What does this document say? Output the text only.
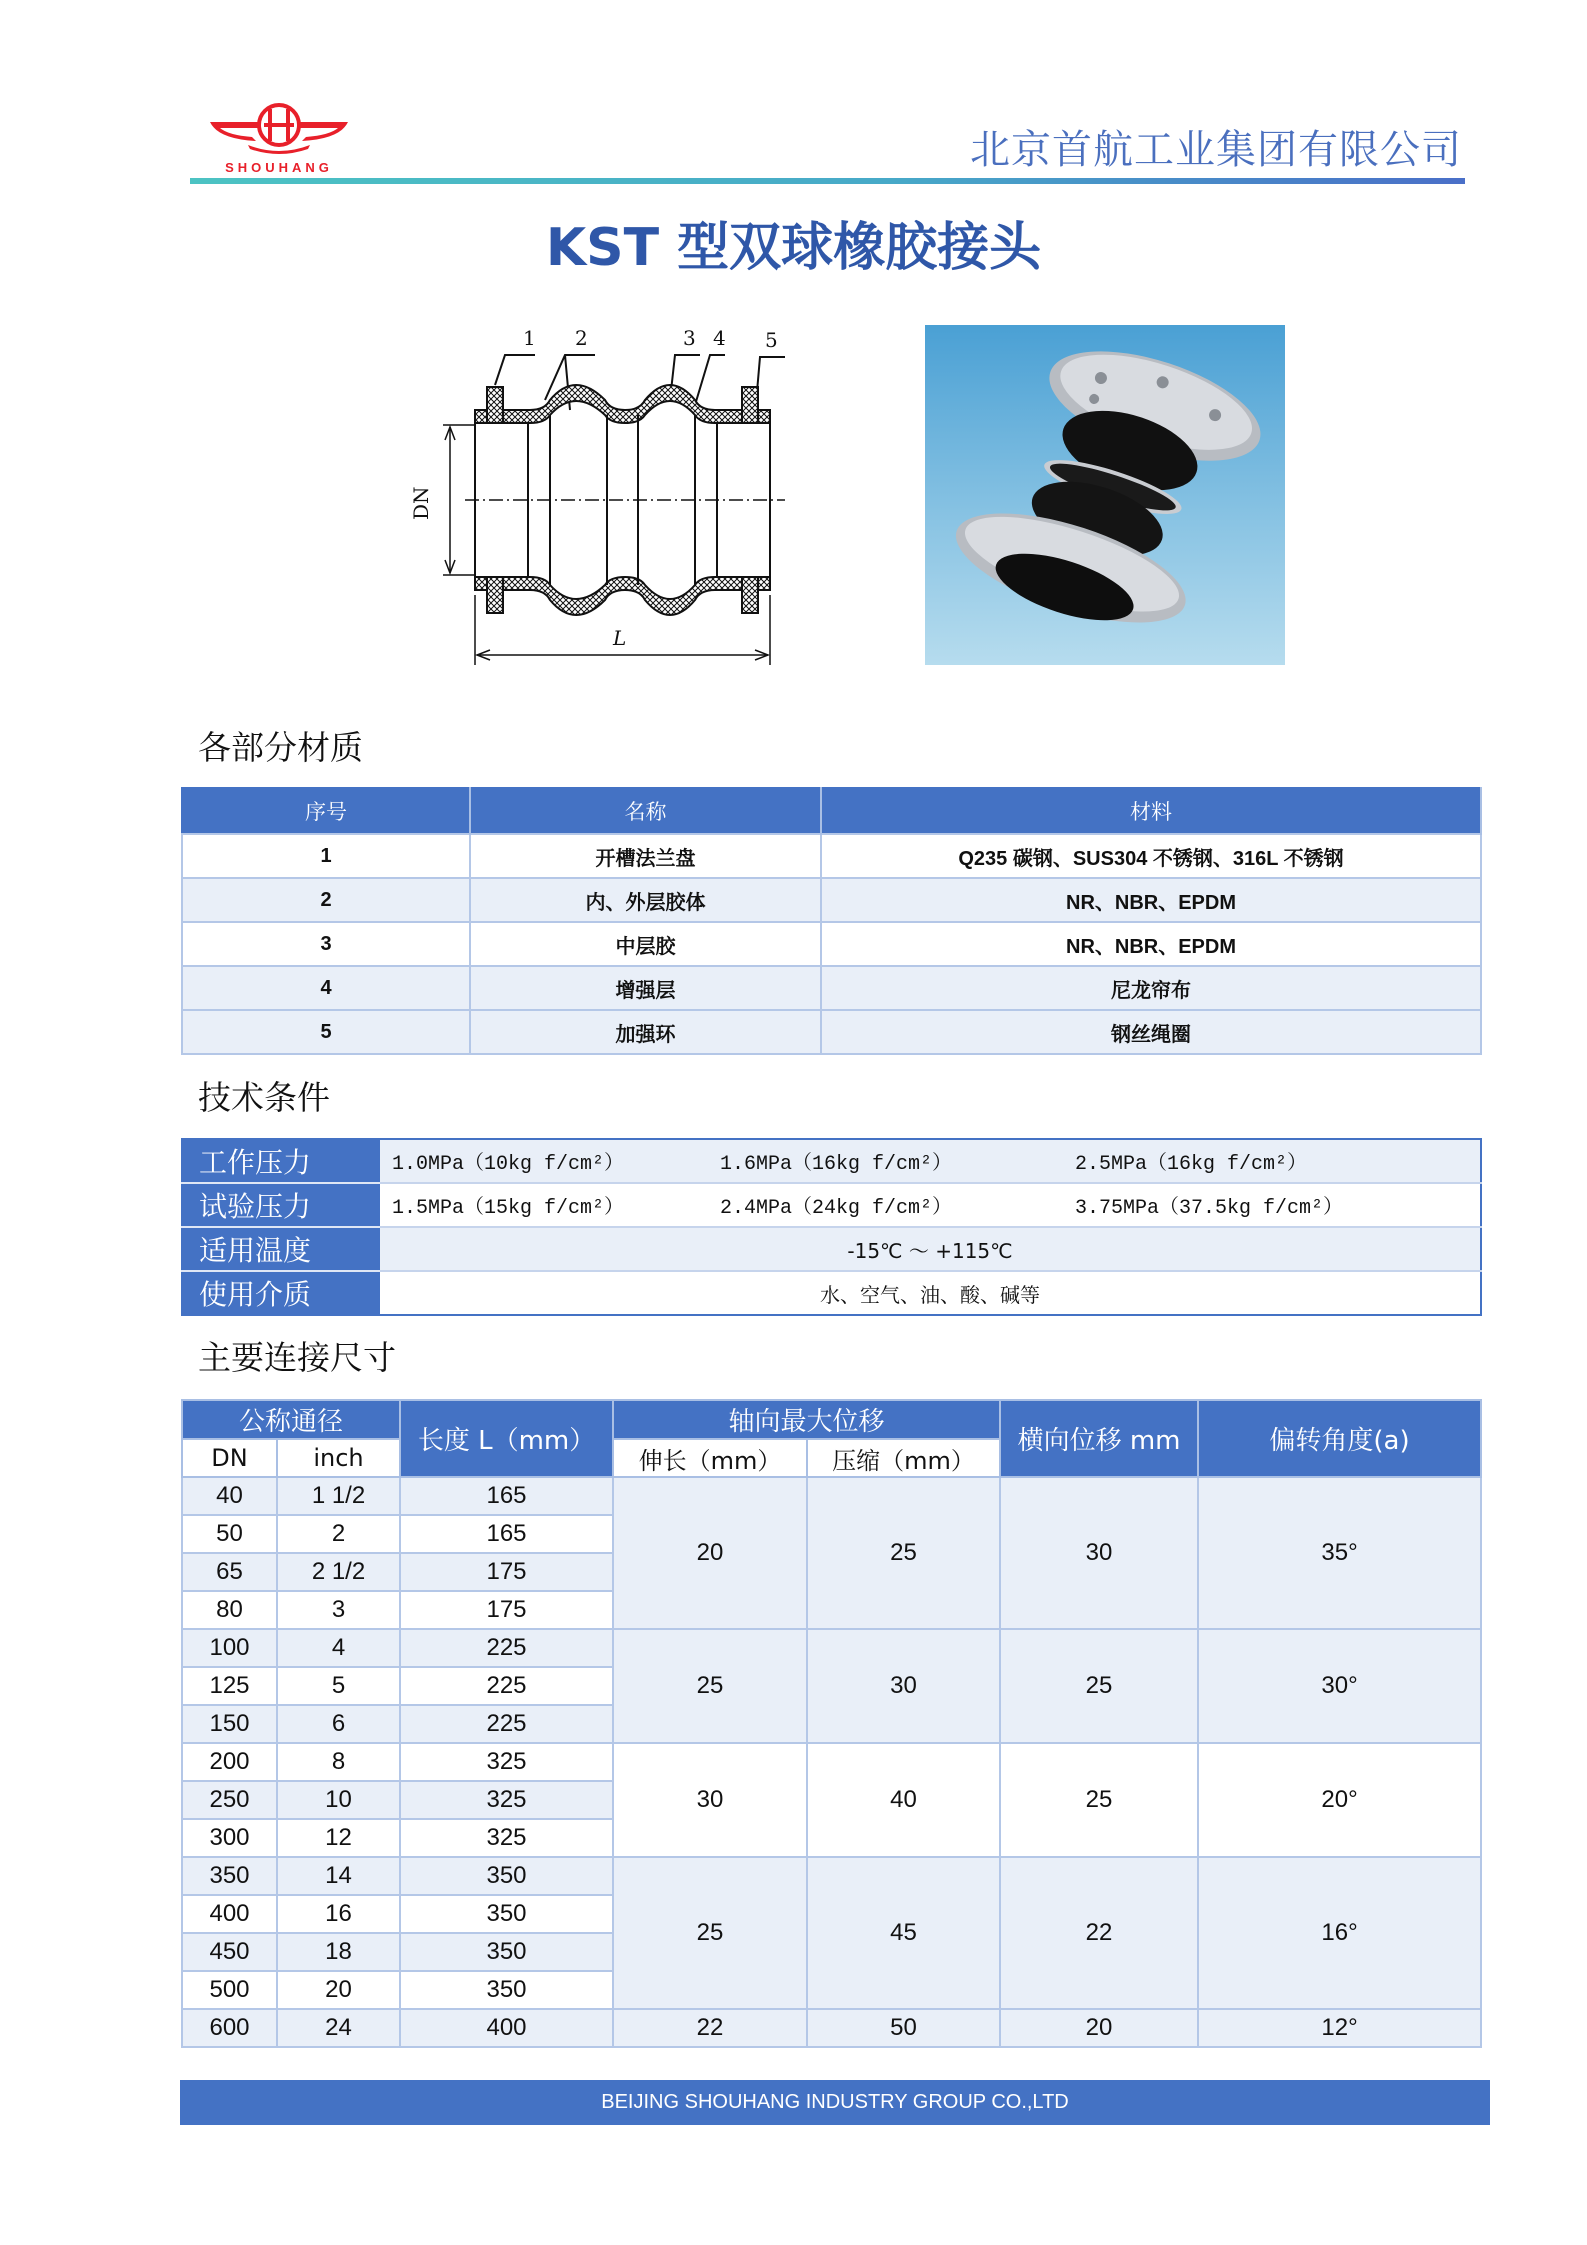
SHOUHANG	北京首航工业集团有限公司
KST 型双球橡胶接头
1 2	3 4 5
DN
L
各部分材质
序号	名称	材料
1	开槽法兰盘	Q235 碳钢、SUS304 不锈钢、316L 不锈钢
2	内、外层胶体	NR、NBR、EPDM
3	中层胶	NR、NBR、EPDM
4	增强层	尼龙帘布
5	加强环	钢丝绳圈
技术条件
工作压力	1.0MPa（10kg f/cm²）	1.6MPa（16kg f/cm²）	2.5MPa（16kg f/cm²）
试验压力	1.5MPa（15kg f/cm²）	2.4MPa（24kg f/cm²）	3.75MPa（37.5kg f/cm²）
适用温度	-15℃ ～ +115℃		
使用介质	水、空气、油、酸、碱等		
主要连接尺寸
公称通径		长度 L（mm）	轴向最大位移		横向位移 mm	偏转角度(a)
DN	inch		伸长（mm）	压缩（mm）		
40	1 1/2	165	20	25	30	35°
50	2	165				
65	2 1/2	175				
80	3	175				
100	4	225	25	30	25	30°
125	5	225				
150	6	225				
200	8	325	30	40	25	20°
250	10	325				
300	12	325				
350	14	350	25	45	22	16°
400	16	350				
450	18	350				
500	20	350				
600	24	400	22	50	20	12°
BEIJING SHOUHANG INDUSTRY GROUP CO.,LTD
